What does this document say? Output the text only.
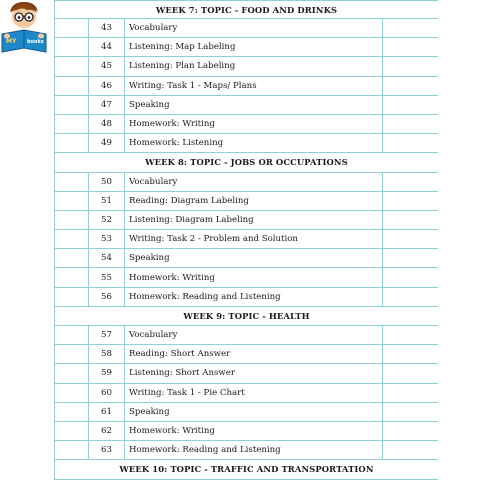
MY books
WEEK 7: TOPIC - FOOD AND DRINKS			
	43	Vocabulary	
	44	Listening: Map Labeling	
	45	Listening: Plan Labeling	
	46	Writing: Task 1 - Maps/ Plans	
	47	Speaking	
	48	Homework: Writing	
	49	Homework: Listening	
WEEK 8: TOPIC - JOBS OR OCCUPATIONS			
	50	Vocabulary	
	51	Reading: Diagram Labeling	
	52	Listening: Diagram Labeling	
	53	Writing: Task 2 - Problem and Solution	
	54	Speaking	
	55	Homework: Writing	
	56	Homework: Reading and Listening	
WEEK 9: TOPIC - HEALTH			
	57	Vocabulary	
	58	Reading: Short Answer	
	59	Listening: Short Answer	
	60	Writing: Task 1 - Pie Chart	
	61	Speaking	
	62	Homework: Writing	
	63	Homework: Reading and Listening	
WEEK 10: TOPIC - TRAFFIC AND TRANSPORTATION			
